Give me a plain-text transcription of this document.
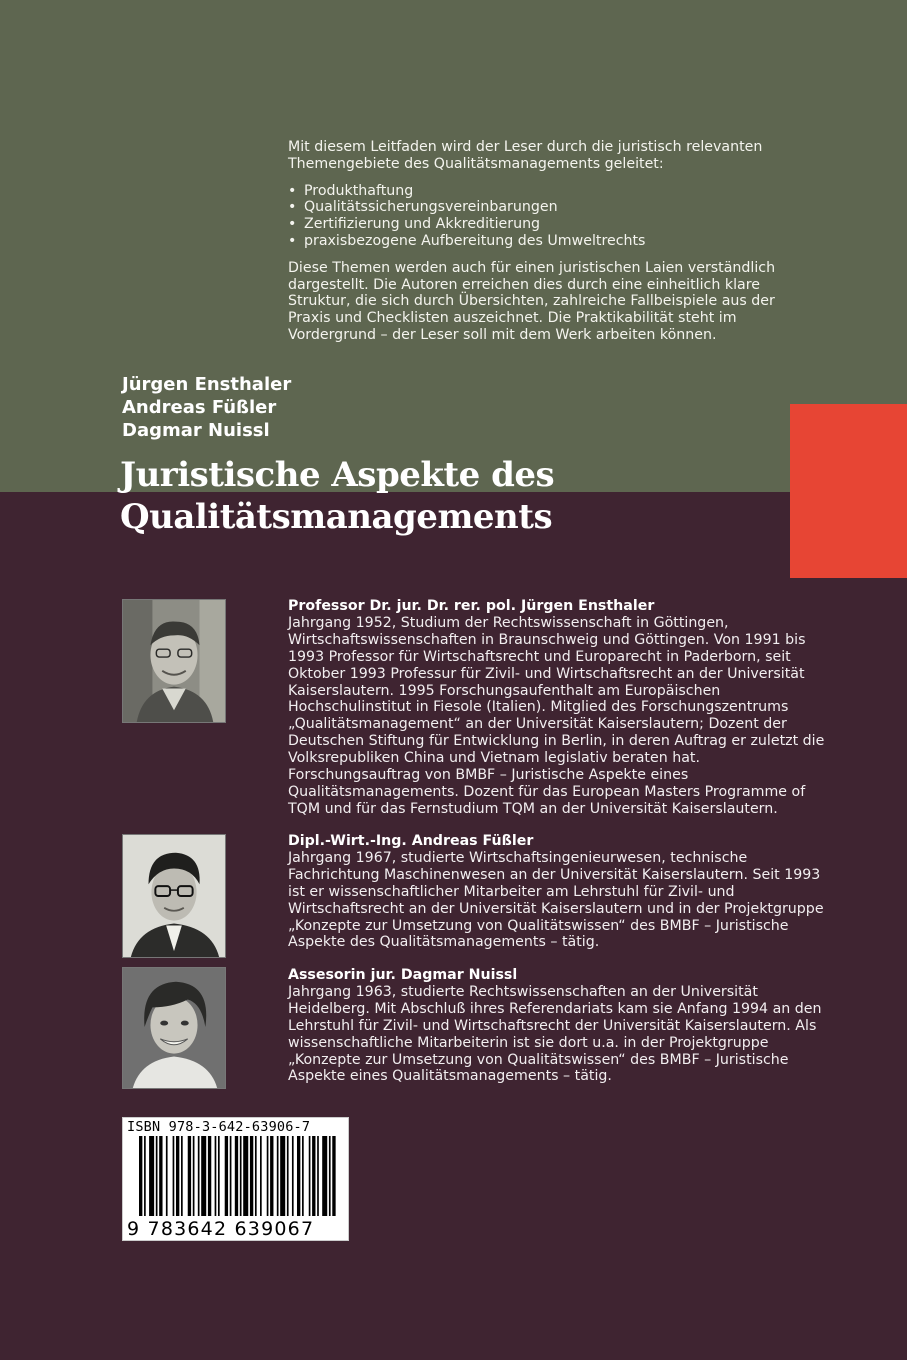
Mit diesem Leitfaden wird der Leser durch die juristisch relevanten Themengebiete des Qualitätsmanagements geleitet:

• Produkthaftung
• Qualitätssicherungsvereinbarungen
• Zertifizierung und Akkreditierung
• praxisbezogene Aufbereitung des Umweltrechts

Diese Themen werden auch für einen juristischen Laien verständlich dargestellt. Die Autoren erreichen dies durch eine einheitlich klare Struktur, die sich durch Übersichten, zahlreiche Fallbeispiele aus der Praxis und Checklisten auszeichnet. Die Praktikabilität steht im Vordergrund – der Leser soll mit dem Werk arbeiten können.

Jürgen Ensthaler
Andreas Füßler
Dagmar Nuissl
Juristische Aspekte des
Qualitätsmanagements

Professor Dr. jur. Dr. rer. pol. Jürgen Ensthaler

Jahrgang 1952, Studium der Rechtswissenschaft in Göttingen, Wirtschaftswissenschaften in Braunschweig und Göttingen. Von 1991 bis 1993 Professor für Wirtschaftsrecht und Europarecht in Paderborn, seit Oktober 1993 Professur für Zivil- und Wirtschaftsrecht an der Universität Kaiserslautern. 1995 Forschungsaufenthalt am Europäischen Hochschulinstitut in Fiesole (Italien). Mitglied des Forschungszentrums „Qualitätsmanagement“ an der Universität Kaiserslautern; Dozent der Deutschen Stiftung für Entwicklung in Berlin, in deren Auftrag er zuletzt die Volksrepubliken China und Vietnam legislativ beraten hat. Forschungsauftrag von BMBF – Juristische Aspekte eines Qualitätsmanagements. Dozent für das European Masters Programme of TQM und für das Fernstudium TQM an der Universität Kaiserslautern.

Dipl.-Wirt.-Ing. Andreas Füßler

Jahrgang 1967, studierte Wirtschaftsingenieurwesen, technische Fachrichtung Maschinenwesen an der Universität Kaiserslautern. Seit 1993 ist er wissenschaftlicher Mitarbeiter am Lehrstuhl für Zivil- und Wirtschaftsrecht an der Universität Kaiserslautern und in der Projektgruppe „Konzepte zur Umsetzung von Qualitätswissen“ des BMBF – Juristische Aspekte des Qualitätsmanagements – tätig.

Assesorin jur. Dagmar Nuissl

Jahrgang 1963, studierte Rechtswissenschaften an der Universität Heidelberg. Mit Abschluß ihres Referendariats kam sie Anfang 1994 an den Lehrstuhl für Zivil- und Wirtschaftsrecht der Universität Kaiserslautern. Als wissenschaftliche Mitarbeiterin ist sie dort u.a. in der Projektgruppe „Konzepte zur Umsetzung von Qualitätswissen“ des BMBF – Juristische Aspekte eines Qualitätsmanagements – tätig.

ISBN 978-3-642-63906-7
9 783642 639067
